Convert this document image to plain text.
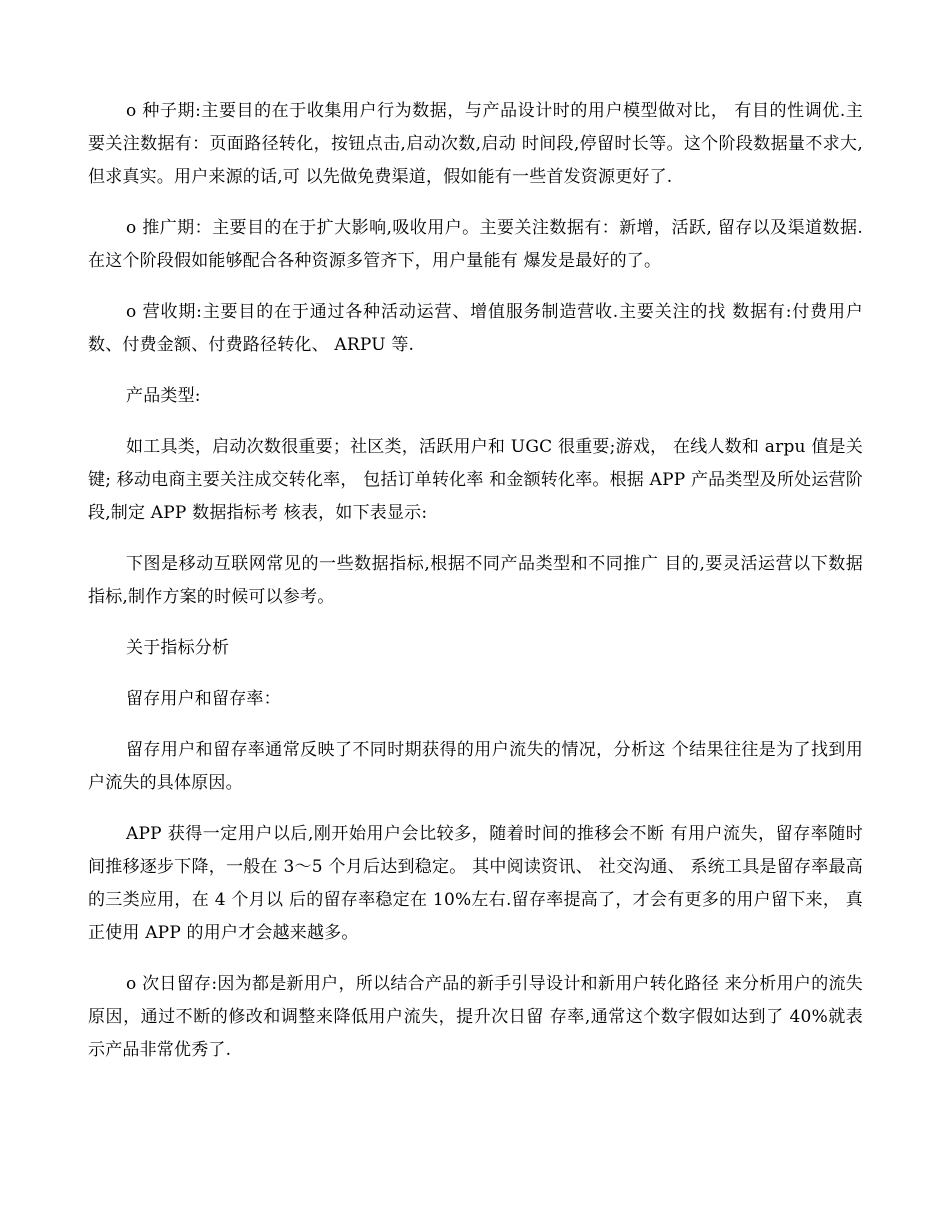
o 种子期:主要目的在于收集用户行为数据，与产品设计时的用户模型做对比， 有目的性调优.主要关注数据有：页面路径转化，按钮点击,启动次数,启动 时间段,停留时长等。这个阶段数据量不求大,但求真实。用户来源的话,可 以先做免费渠道，假如能有一些首发资源更好了.

o 推广期：主要目的在于扩大影响,吸收用户。主要关注数据有：新增，活跃, 留存以及渠道数据.在这个阶段假如能够配合各种资源多管齐下，用户量能有 爆发是最好的了。

o 营收期:主要目的在于通过各种活动运营、增值服务制造营收.主要关注的找 数据有:付费用户数、付费金额、付费路径转化、 ARPU 等.

产品类型:

如工具类，启动次数很重要；社区类，活跃用户和 UGC 很重要;游戏， 在线人数和 arpu 值是关键; 移动电商主要关注成交转化率， 包括订单转化率 和金额转化率。根据 APP 产品类型及所处运营阶段,制定 APP 数据指标考 核表，如下表显示:

下图是移动互联网常见的一些数据指标,根据不同产品类型和不同推广 目的,要灵活运营以下数据指标,制作方案的时候可以参考。

关于指标分析

留存用户和留存率：

留存用户和留存率通常反映了不同时期获得的用户流失的情况，分析这 个结果往往是为了找到用户流失的具体原因。

APP 获得一定用户以后,刚开始用户会比较多，随着时间的推移会不断 有用户流失，留存率随时间推移逐步下降，一般在 3～5 个月后达到稳定。 其中阅读资讯、 社交沟通、 系统工具是留存率最高的三类应用，在 4 个月以 后的留存率稳定在 10%左右.留存率提高了，才会有更多的用户留下来， 真正使用 APP 的用户才会越来越多。

o 次日留存:因为都是新用户，所以结合产品的新手引导设计和新用户转化路径 来分析用户的流失原因，通过不断的修改和调整来降低用户流失，提升次日留 存率,通常这个数字假如达到了 40%就表示产品非常优秀了.
